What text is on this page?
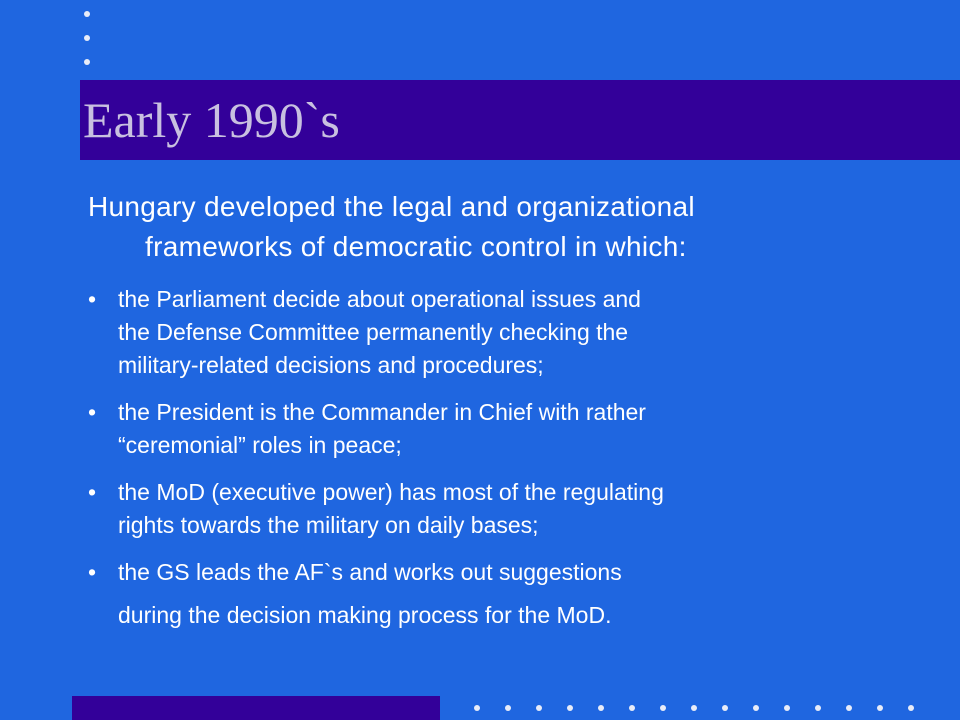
Early 1990`s

Hungary developed the legal and organizational
frameworks of democratic control in which:

• the Parliament decide about operational issues and
the Defense Committee permanently checking the
military-related decisions and procedures;
• the President is the Commander in Chief with rather
“ceremonial” roles in peace;
• the MoD (executive power) has most of the regulating
rights towards the military on daily bases;
• the GS leads the AF`s and works out suggestions
during the decision making process for the MoD.
